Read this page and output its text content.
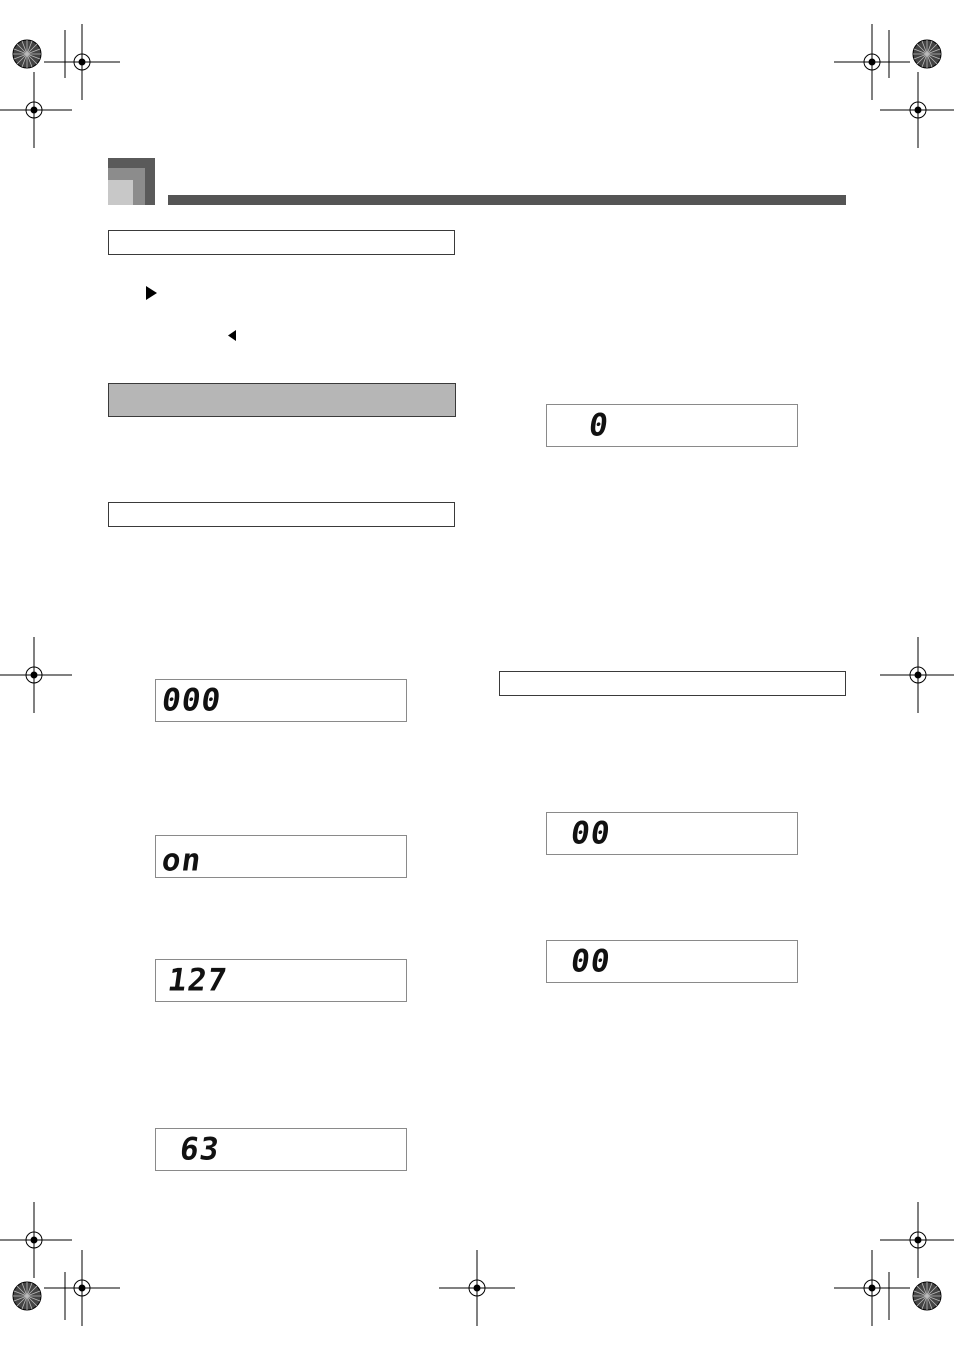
0
000
on
127
63
00
00
